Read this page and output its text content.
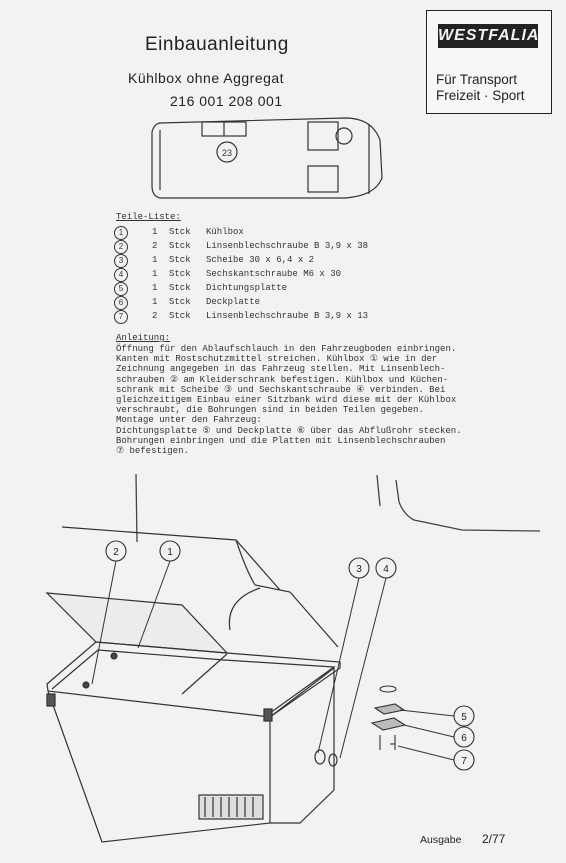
Einbauanleitung
Kühlbox ohne Aggregat
216 001 208 001
WESTFALIA
Für Transport
Freizeit · Sport
23
2	1
3 4
5
6
7
Teile-Liste:
1	1 Stck Kühlbox
2	2 Stck Linsenblechschraube B 3,9 x 38
3	1 Stck Scheibe 30 x 6,4 x 2
4	1 Stck Sechskantschraube M6 x 30
5	1 Stck Dichtungsplatte
6	1 Stck Deckplatte
7	2 Stck Linsenblechschraube B 3,9 x 13
Anleitung:
Öffnung für den Ablaufschlauch in den Fahrzeugboden einbringen.
Kanten mit Rostschutzmittel streichen. Kühlbox ① wie in der
Zeichnung angegeben in das Fahrzeug stellen. Mit Linsenblech-
schrauben ② am Kleiderschrank befestigen. Kühlbox und Küchen-
schrank mit Scheibe ③ und Sechskantschraube ④ verbinden. Bei
gleichzeitigem Einbau einer Sitzbank wird diese mit der Kühlbox
verschraubt, die Bohrungen sind in beiden Teilen gegeben.
Montage unter den Fahrzeug:
Dichtungsplatte ⑤ und Deckplatte ⑥ über das Abflußrohr stecken.
Bohrungen einbringen und die Platten mit Linsenblechschrauben
⑦ befestigen.
Ausgabe 2/77
